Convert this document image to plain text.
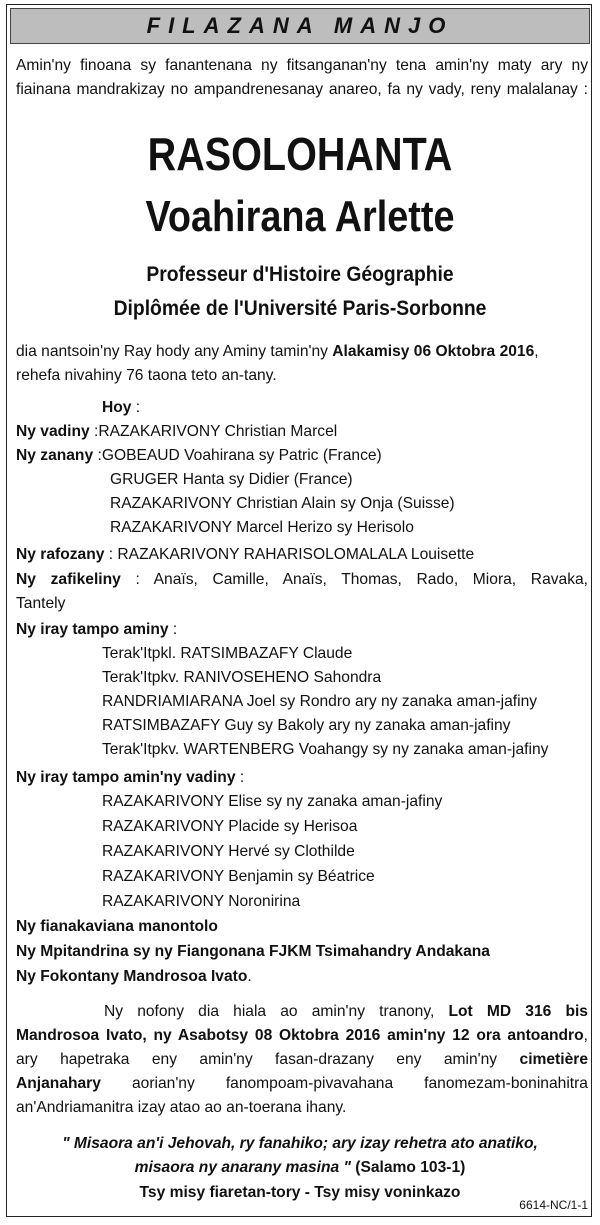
FILAZANA MANJO
Amin'ny finoana sy fanantenana ny fitsanganan'ny tena amin'ny maty ary ny
fiainana mandrakizay no ampandrenesanay anareo, fa ny vady, reny malalanay :
RASOLOHANTA
Voahirana Arlette
Professeur d'Histoire Géographie
Diplômée de l'Université Paris-Sorbonne
dia nantsoin'ny Ray hody any Aminy tamin'ny Alakamisy 06 Oktobra 2016,
rehefa nivahiny 76 taona teto an-tany.
Hoy :
Ny vadiny :RAZAKARIVONY Christian Marcel
Ny zanany :GOBEAUD Voahirana sy Patric (France)
GRUGER Hanta sy Didier (France)
RAZAKARIVONY Christian Alain sy Onja (Suisse)
RAZAKARIVONY Marcel Herizo sy Herisolo
Ny rafozany : RAZAKARIVONY RAHARISOLOMALALA Louisette
Ny zafikeliny : Anaïs, Camille, Anaïs, Thomas, Rado, Miora, Ravaka,
Tantely
Ny iray tampo aminy :
Terak'Itpkl. RATSIMBAZAFY Claude
Terak'Itpkv. RANIVOSEHENO Sahondra
RANDRIAMIARANA Joel sy Rondro ary ny zanaka aman-jafiny
RATSIMBAZAFY Guy sy Bakoly ary ny zanaka aman-jafiny
Terak'Itpkv. WARTENBERG Voahangy sy ny zanaka aman-jafiny
Ny iray tampo amin'ny vadiny :
RAZAKARIVONY Elise sy ny zanaka aman-jafiny
RAZAKARIVONY Placide sy Herisoa
RAZAKARIVONY Hervé sy Clothilde
RAZAKARIVONY Benjamin sy Béatrice
RAZAKARIVONY Noronirina
Ny fianakaviana manontolo
Ny Mpitandrina sy ny Fiangonana FJKM Tsimahandry Andakana
Ny Fokontany Mandrosoa Ivato.
Ny nofony dia hiala ao amin'ny tranony, Lot MD 316 bis
Mandrosoa Ivato, ny Asabotsy 08 Oktobra 2016 amin'ny 12 ora antoandro,
ary hapetraka eny amin'ny fasan-drazany eny amin'ny cimetière
Anjanahary aorian'ny fanompoam-pivavahana fanomezam-boninahitra
an'Andriamanitra izay atao ao an-toerana ihany.
" Misaora an'i Jehovah, ry fanahiko; ary izay rehetra ato anatiko,
misaora ny anarany masina " (Salamo 103-1)
Tsy misy fiaretan-tory - Tsy misy voninkazo
6614-NC/1-1
